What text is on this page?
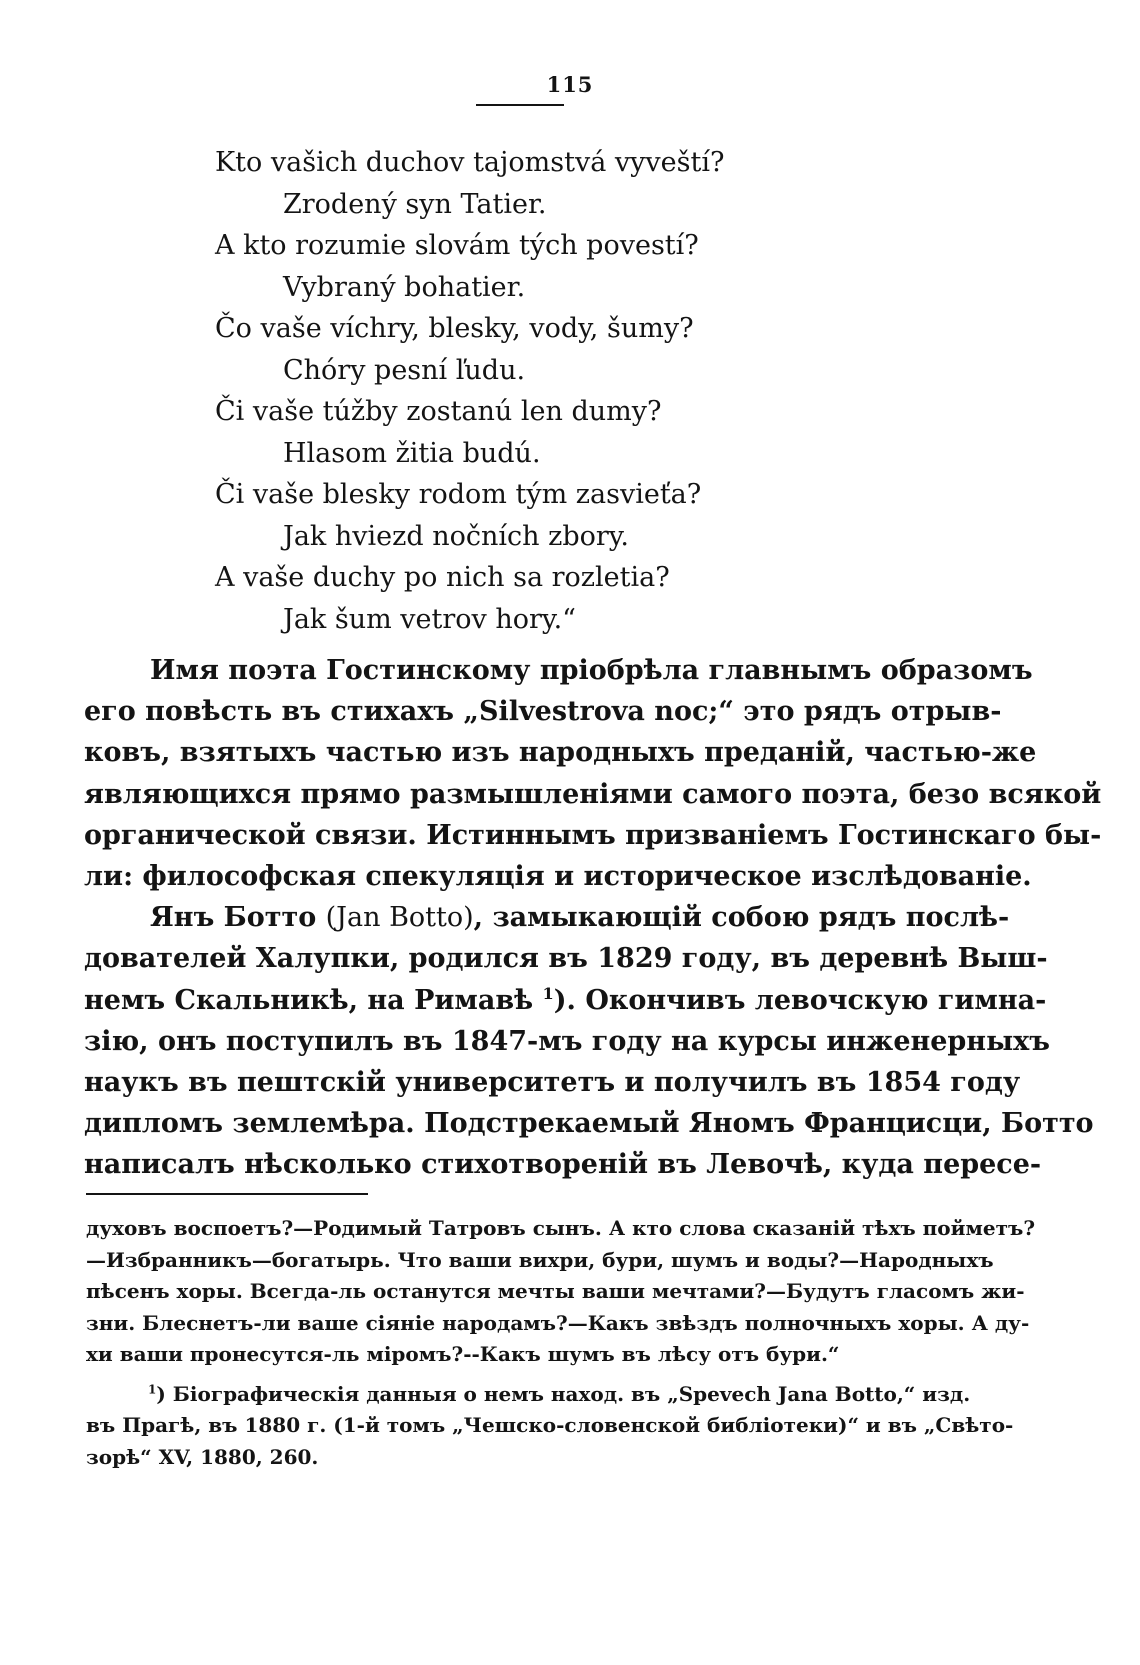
115
Kto vašich duchov tajomstvá vyveští?
Zrodený syn Tatier.
A kto rozumie slovám tých povestí?
Vybraný bohatier.
Čo vaše víchry, blesky, vody, šumy?
Chóry pesní ľudu.
Či vaše túžby zostanú len dumy?
Hlasom žitia budú.
Či vaše blesky rodom tým zasvieťa?
Jak hviezd nočních zbory.
A vaše duchy po nich sa rozletia?
Jak šum vetrov hory.“
Имя поэта Гостинскому пріобрѣла главнымъ образомъ
его повѣсть въ стихахъ „Silvestrova noc;“ это рядъ отрыв-
ковъ, взятыхъ частью изъ народныхъ преданій, частью-же
являющихся прямо размышленіями самого поэта, безо всякой
органической связи. Истиннымъ призваніемъ Гостинскаго бы-
ли: философская спекуляція и историческое изслѣдованіе.
Янъ Ботто (Jan Botto), замыкающій собою рядъ послѣ-
дователей Халупки, родился въ 1829 году, въ деревнѣ Выш-
немъ Скальникѣ, на Римавѣ $^1$). Окончивъ левочскую гимна-
зію, онъ поступилъ въ 1847-мъ году на курсы инженерныхъ
наукъ въ пештскій университетъ и получилъ въ 1854 году
дипломъ землемѣра. Подстрекаемый Яномъ Францисци, Ботто
написалъ нѣсколько стихотвореній въ Левочѣ, куда пересе-
духовъ воспоетъ?—Родимый Татровъ сынъ. А кто слова сказаній тѣхъ пойметъ?
—Избранникъ—богатырь. Что ваши вихри, бури, шумъ и воды?—Народныхъ
пѣсенъ хоры. Всегда-ль останутся мечты ваши мечтами?—Будутъ гласомъ жи-
зни. Блеснетъ-ли ваше сіяніе народамъ?—Какъ звѣздъ полночныхъ хоры. А ду-
хи ваши пронесутся-ль міромъ?--Какъ шумъ въ лѣсу отъ бури.“
$^1$) Біографическія данныя о немъ наход. въ „Spevech Jana Botto,“ изд.
въ Прагѣ, въ 1880 г. (1-й томъ „Чешско-словенской библіотеки)“ и въ „Свѣто-
зорѣ“ XV, 1880, 260.
